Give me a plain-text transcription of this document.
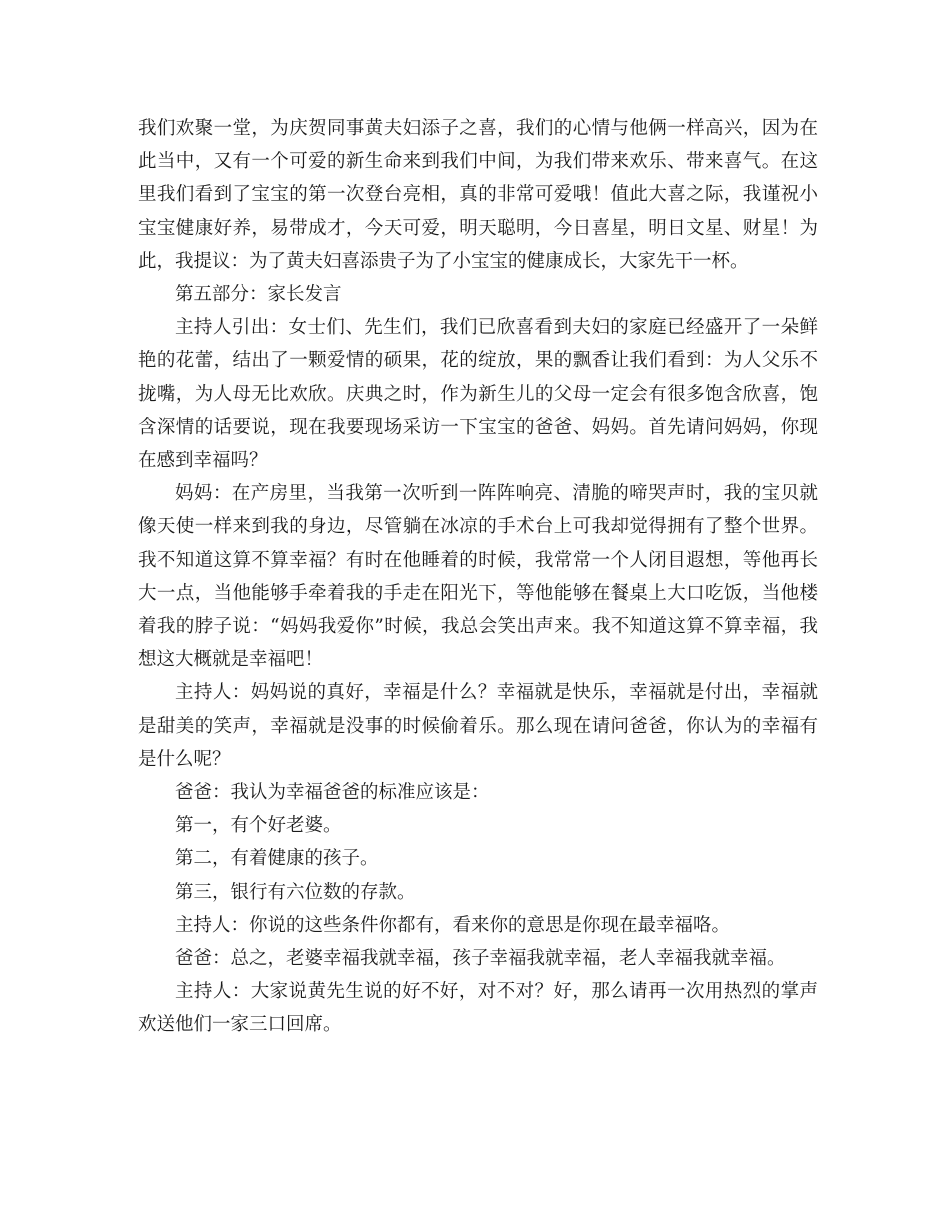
我们欢聚一堂，为庆贺同事黄夫妇添子之喜，我们的心情与他俩一样高兴，因为在此当中，又有一个可爱的新生命来到我们中间，为我们带来欢乐、带来喜气。在这里我们看到了宝宝的第一次登台亮相，真的非常可爱哦！值此大喜之际，我谨祝小宝宝健康好养，易带成才，今天可爱，明天聪明，今日喜星，明日文星、财星！为此，我提议：为了黄夫妇喜添贵子为了小宝宝的健康成长，大家先干一杯。

第五部分：家长发言

主持人引出：女士们、先生们，我们已欣喜看到夫妇的家庭已经盛开了一朵鲜艳的花蕾，结出了一颗爱情的硕果，花的绽放，果的飘香让我们看到：为人父乐不拢嘴，为人母无比欢欣。庆典之时，作为新生儿的父母一定会有很多饱含欣喜，饱含深情的话要说，现在我要现场采访一下宝宝的爸爸、妈妈。首先请问妈妈，你现在感到幸福吗？

妈妈：在产房里，当我第一次听到一阵阵响亮、清脆的啼哭声时，我的宝贝就像天使一样来到我的身边，尽管躺在冰凉的手术台上可我却觉得拥有了整个世界。我不知道这算不算幸福？有时在他睡着的时候，我常常一个人闭目遐想，等他再长大一点，当他能够手牵着我的手走在阳光下，等他能够在餐桌上大口吃饭，当他楼着我的脖子说：“妈妈我爱你”时候，我总会笑出声来。我不知道这算不算幸福，我想这大概就是幸福吧！

主持人：妈妈说的真好，幸福是什么？幸福就是快乐，幸福就是付出，幸福就是甜美的笑声，幸福就是没事的时候偷着乐。那么现在请问爸爸，你认为的幸福有是什么呢？

爸爸：我认为幸福爸爸的标准应该是：

第一，有个好老婆。

第二，有着健康的孩子。

第三，银行有六位数的存款。

主持人：你说的这些条件你都有，看来你的意思是你现在最幸福咯。

爸爸：总之，老婆幸福我就幸福，孩子幸福我就幸福，老人幸福我就幸福。

主持人：大家说黄先生说的好不好，对不对？好，那么请再一次用热烈的掌声欢送他们一家三口回席。
